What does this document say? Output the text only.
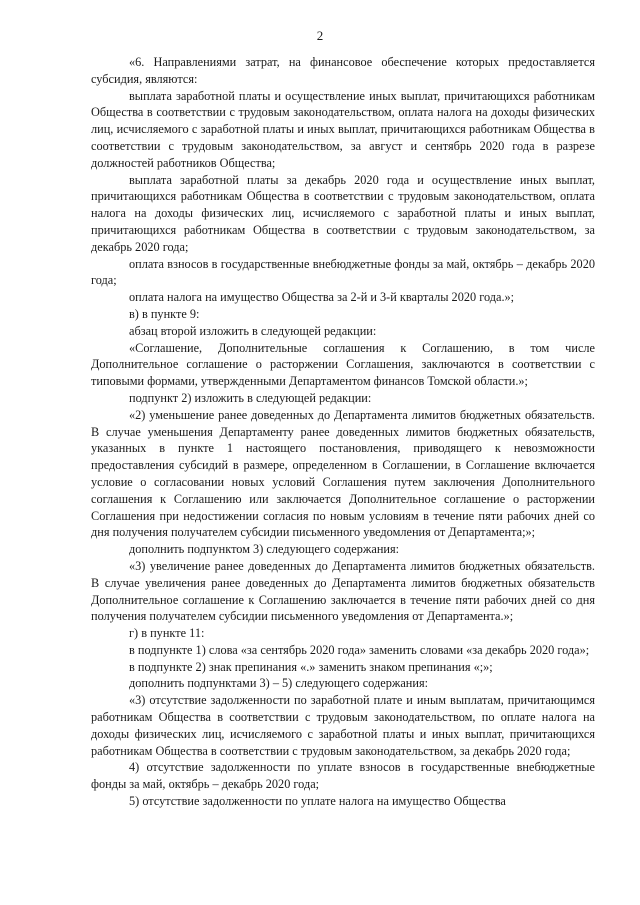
2

«6. Направлениями затрат, на финансовое обеспечение которых предоставляется субсидия, являются:

выплата заработной платы и осуществление иных выплат, причитающихся работникам Общества в соответствии с трудовым законодательством, оплата налога на доходы физических лиц, исчисляемого с заработной платы и иных выплат, причитающихся работникам Общества в соответствии с трудовым законодательством, за август и сентябрь 2020 года в разрезе должностей работников Общества;

выплата заработной платы за декабрь 2020 года и осуществление иных выплат, причитающихся работникам Общества в соответствии с трудовым законодательством, оплата налога на доходы физических лиц, исчисляемого с заработной платы и иных выплат, причитающихся работникам Общества в соответствии с трудовым законодательством, за декабрь 2020 года;

оплата взносов в государственные внебюджетные фонды за май, октябрь – декабрь 2020 года;

оплата налога на имущество Общества за 2-й и 3-й кварталы 2020 года.»;

в) в пункте 9:

абзац второй изложить в следующей редакции:

«Соглашение, Дополнительные соглашения к Соглашению, в том числе Дополнительное соглашение о расторжении Соглашения, заключаются в соответствии с типовыми формами, утвержденными Департаментом финансов Томской области.»;

подпункт 2) изложить в следующей редакции:

«2) уменьшение ранее доведенных до Департамента лимитов бюджетных обязательств. В случае уменьшения Департаменту ранее доведенных лимитов бюджетных обязательств, указанных в пункте 1 настоящего постановления, приводящего к невозможности предоставления субсидий в размере, определенном в Соглашении, в Соглашение включается условие о согласовании новых условий Соглашения путем заключения Дополнительного соглашения к Соглашению или заключается Дополнительное соглашение о расторжении Соглашения при недостижении согласия по новым условиям в течение пяти рабочих дней со дня получения получателем субсидии письменного уведомления от Департамента;»;

дополнить подпунктом 3) следующего содержания:

«3) увеличение ранее доведенных до Департамента лимитов бюджетных обязательств. В случае увеличения ранее доведенных до Департамента лимитов бюджетных обязательств Дополнительное соглашение к Соглашению заключается в течение пяти рабочих дней со дня получения получателем субсидии письменного уведомления от Департамента.»;

г) в пункте 11:

в подпункте 1) слова «за сентябрь 2020 года» заменить словами «за декабрь 2020 года»;

в подпункте 2) знак препинания «.» заменить знаком препинания «;»;

дополнить подпунктами 3) – 5) следующего содержания:

«3) отсутствие задолженности по заработной плате и иным выплатам, причитающимся работникам Общества в соответствии с трудовым законодательством, по оплате налога на доходы физических лиц, исчисляемого с заработной платы и иных выплат, причитающихся работникам Общества в соответствии с трудовым законодательством, за декабрь 2020 года;

4) отсутствие задолженности по уплате взносов в государственные внебюджетные фонды за май, октябрь – декабрь 2020 года;

5) отсутствие задолженности по уплате налога на имущество Общества
